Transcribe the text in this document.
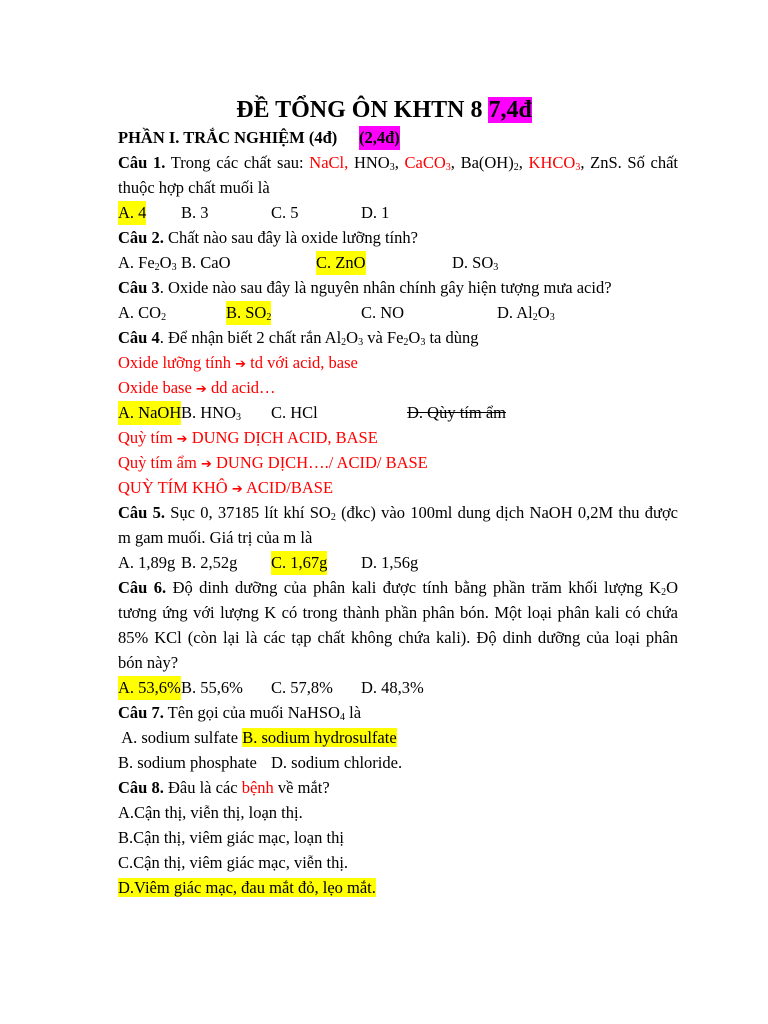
ĐỀ TỔNG ÔN KHTN 8 7,4đ
PHẦN I. TRẮC NGHIỆM (4đ) (2,4đ)
Câu 1. Trong các chất sau: NaCl, $HNO_3$, CaCO$_3$, $Ba(OH)_2$, $KHCO_3$, ZnS. Số chất
thuộc hợp chất muối là
A. 4 B. 3	C. 5	D. 1
Câu 2. Chất nào sau đây là oxide lưỡng tính?
A. $Fe_2O_3$ B. CaO	C. ZnO	D. $SO_3$
Câu 3. Oxide nào sau đây là nguyên nhân chính gây hiện tượng mưa acid?
A. $CO_2$	B. $SO_2$	C. NO	D. $Al_2O_3$
Câu 4. Để nhận biết 2 chất rắn $Al_2O_3$ và $Fe_2O_3$ ta dùng
Oxide lưỡng tính ➔ td với acid, base
Oxide base ➔ dd acid…
A. NaOH B. $HNO_3$ C. HCl	D. Qùy tím ẩm
Quỳ tím ➔ DUNG DỊCH ACID, BASE
Quỳ tím ẩm ➔ DUNG DỊCH…./ ACID/ BASE
QUỲ TÍM KHÔ ➔ ACID/BASE
Câu 5. Sục 0, 37185 lít khí $SO_2$ (đkc) vào 100ml dung dịch NaOH 0,2M thu được
m gam muối. Giá trị của m là
A. 1,89g B. 2,52g C. 1,67g D. 1,56g
Câu 6. Độ dinh dưỡng của phân kali được tính bằng phần trăm khối lượng $K_2O$
tương ứng với lượng K có trong thành phần phân bón. Một loại phân kali có chứa
85% KCl (còn lại là các tạp chất không chứa kali). Độ dinh dưỡng của loại phân
bón này?
A. 53,6% B. 55,6% C. 57,8% D. 48,3%
Câu 7. Tên gọi của muối NaHSO$_4$ là
A. sodium sulfate B. sodium hydrosulfate
B. sodium phosphate D. sodium chloride.
Câu 8. Đâu là các bệnh về mắt?
A.Cận thị, viễn thị, loạn thị.
B.Cận thị, viêm giác mạc, loạn thị
C.Cận thị, viêm giác mạc, viễn thị.
D.Viêm giác mạc, đau mắt đỏ, lẹo mắt.
